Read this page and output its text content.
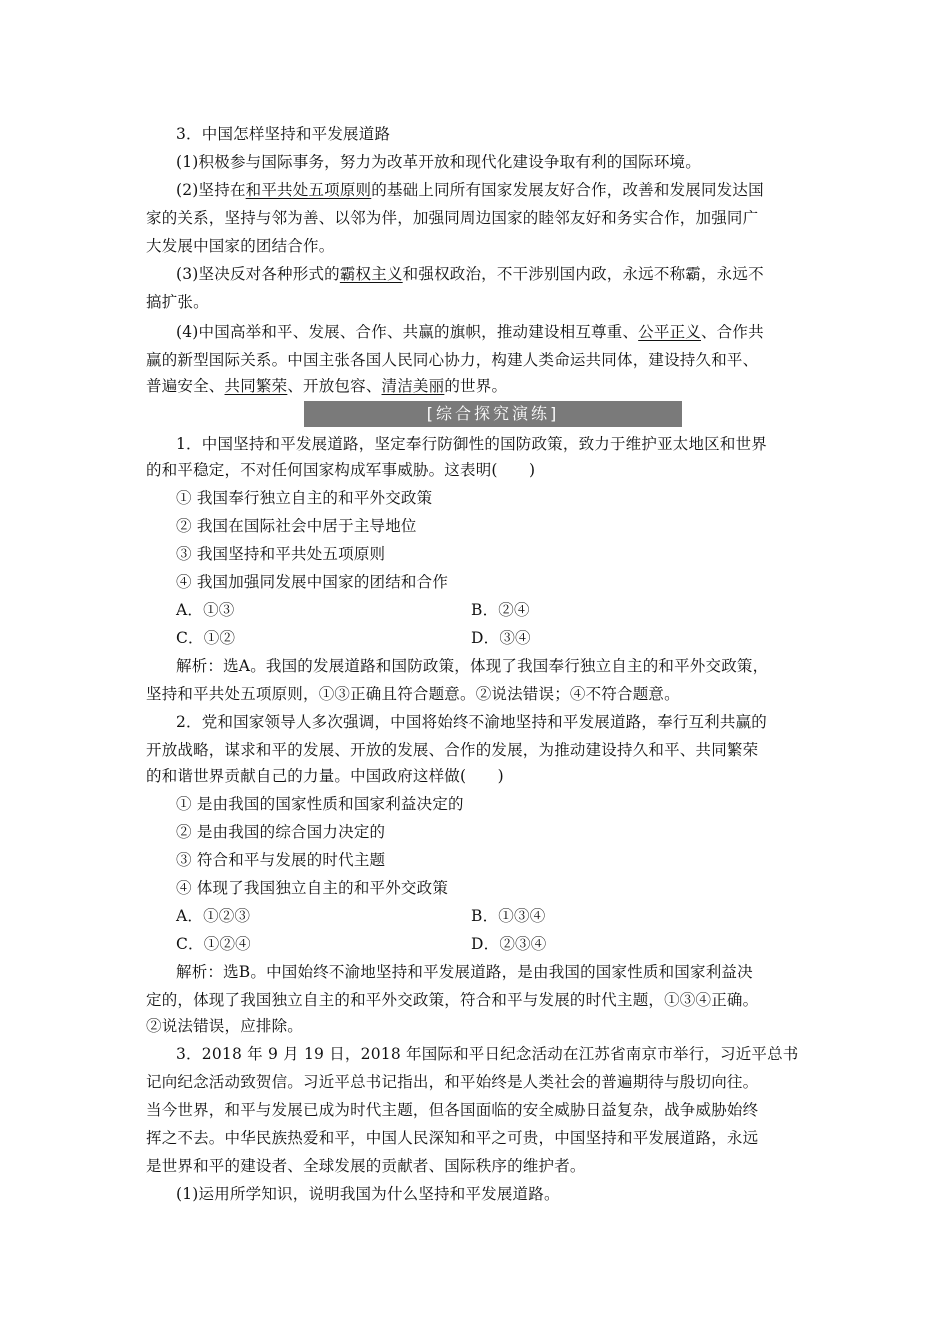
3．中国怎样坚持和平发展道路
(1)积极参与国际事务，努力为改革开放和现代化建设争取有利的国际环境。
(2)坚持在和平共处五项原则的基础上同所有国家发展友好合作，改善和发展同发达国
家的关系，坚持与邻为善、以邻为伴，加强同周边国家的睦邻友好和务实合作，加强同广
大发展中国家的团结合作。
(3)坚决反对各种形式的霸权主义和强权政治，不干涉别国内政，永远不称霸，永远不
搞扩张。
(4)中国高举和平、发展、合作、共赢的旗帜，推动建设相互尊重、公平正义、合作共
赢的新型国际关系。中国主张各国人民同心协力，构建人类命运共同体，建设持久和平、
普遍安全、共同繁荣、开放包容、清洁美丽的世界。
[综合探究演练]
1．中国坚持和平发展道路，坚定奉行防御性的国防政策，致力于维护亚太地区和世界
的和平稳定，不对任何国家构成军事威胁。这表明(　　)
① 我国奉行独立自主的和平外交政策
② 我国在国际社会中居于主导地位
③ 我国坚持和平共处五项原则
④ 我国加强同发展中国家的团结和合作
A．①③	B．②④
C．①②	D．③④
解析：选A。我国的发展道路和国防政策，体现了我国奉行独立自主的和平外交政策，
坚持和平共处五项原则，①③正确且符合题意。②说法错误；④不符合题意。
2．党和国家领导人多次强调，中国将始终不渝地坚持和平发展道路，奉行互利共赢的
开放战略，谋求和平的发展、开放的发展、合作的发展，为推动建设持久和平、共同繁荣
的和谐世界贡献自己的力量。中国政府这样做(　　)
① 是由我国的国家性质和国家利益决定的
② 是由我国的综合国力决定的
③ 符合和平与发展的时代主题
④ 体现了我国独立自主的和平外交政策
A．①②③	B．①③④
C．①②④	D．②③④
解析：选B。中国始终不渝地坚持和平发展道路，是由我国的国家性质和国家利益决
定的，体现了我国独立自主的和平外交政策，符合和平与发展的时代主题，①③④正确。
②说法错误，应排除。
3．2018 年 9 月 19 日，2018 年国际和平日纪念活动在江苏省南京市举行，习近平总书
记向纪念活动致贺信。习近平总书记指出，和平始终是人类社会的普遍期待与殷切向往。
当今世界，和平与发展已成为时代主题，但各国面临的安全威胁日益复杂，战争威胁始终
挥之不去。中华民族热爱和平，中国人民深知和平之可贵，中国坚持和平发展道路，永远
是世界和平的建设者、全球发展的贡献者、国际秩序的维护者。
(1)运用所学知识，说明我国为什么坚持和平发展道路。
